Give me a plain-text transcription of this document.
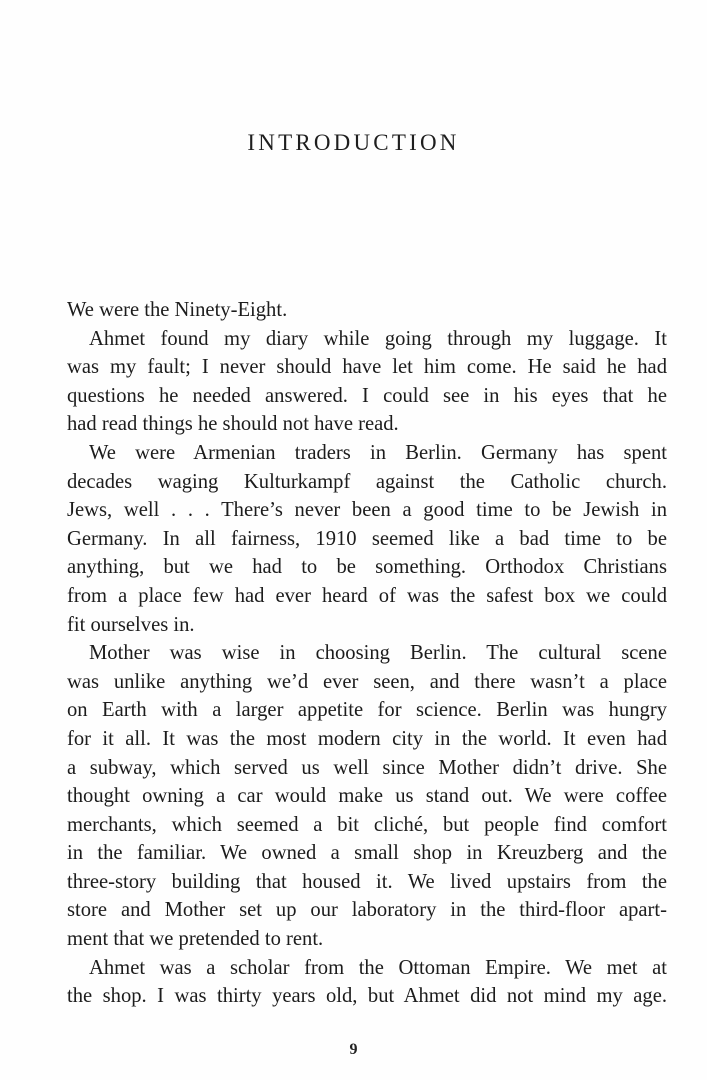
INTRODUCTION
We were the Ninety-Eight.
Ahmet found my diary while going through my luggage. It
was my fault; I never should have let him come. He said he had
questions he needed answered. I could see in his eyes that he
had read things he should not have read.
We were Armenian traders in Berlin. Germany has spent
decades waging Kulturkampf against the Catholic church.
Jews, well . . . There’s never been a good time to be Jewish in
Germany. In all fairness, 1910 seemed like a bad time to be
anything, but we had to be something. Orthodox Christians
from a place few had ever heard of was the safest box we could
fit ourselves in.
Mother was wise in choosing Berlin. The cultural scene
was unlike anything we’d ever seen, and there wasn’t a place
on Earth with a larger appetite for science. Berlin was hungry
for it all. It was the most modern city in the world. It even had
a subway, which served us well since Mother didn’t drive. She
thought owning a car would make us stand out. We were coffee
merchants, which seemed a bit cliché, but people find comfort
in the familiar. We owned a small shop in Kreuzberg and the
three-story building that housed it. We lived upstairs from the
store and Mother set up our laboratory in the third-floor apart-
ment that we pretended to rent.
Ahmet was a scholar from the Ottoman Empire. We met at
the shop. I was thirty years old, but Ahmet did not mind my age.
9
